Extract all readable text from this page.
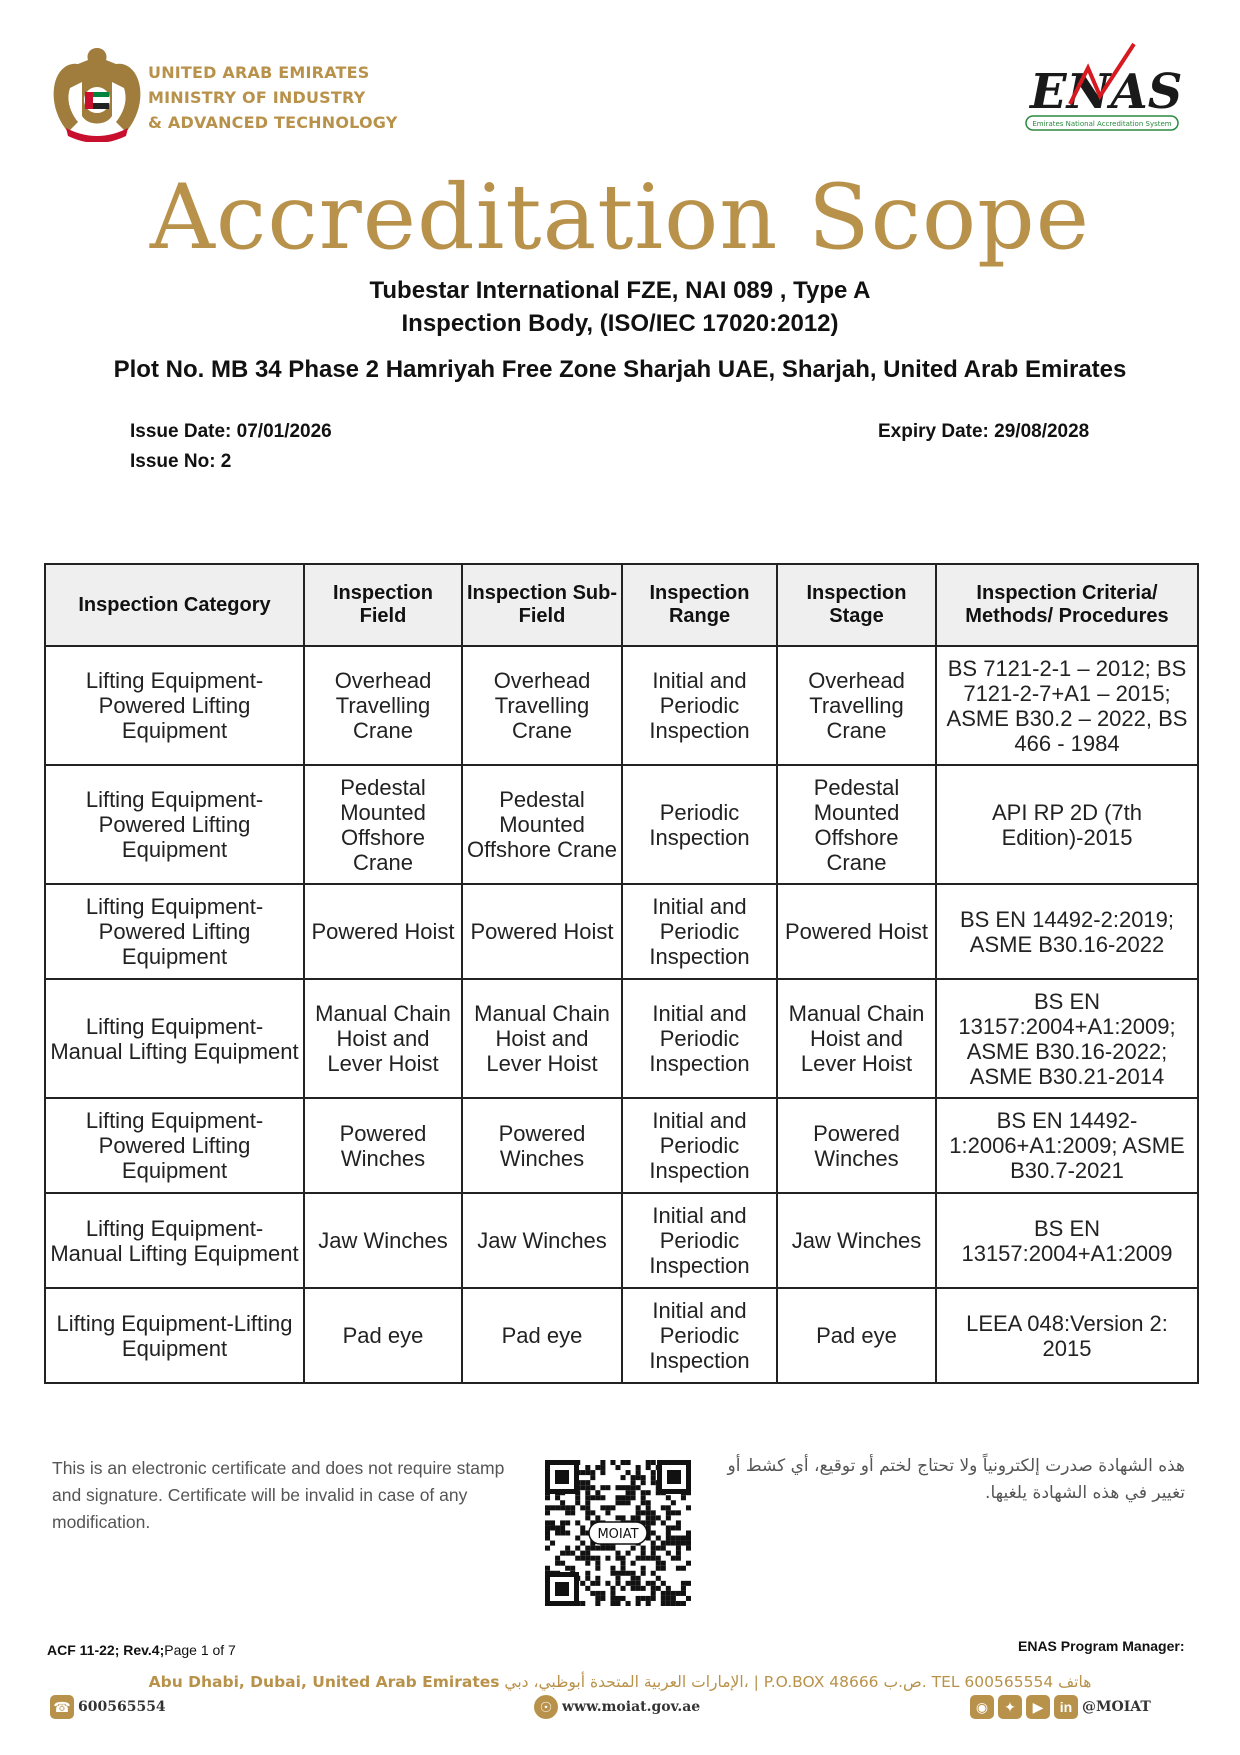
UNITED ARAB EMIRATES
MINISTRY OF INDUSTRY
& ADVANCED TECHNOLOGY
ENAS
Emirates National Accreditation System
Accreditation Scope
Tubestar International FZE, NAI 089 , Type A
Inspection Body, (ISO/IEC 17020:2012)
Plot No. MB 34 Phase 2 Hamriyah Free Zone Sharjah UAE, Sharjah, United Arab Emirates
Issue Date: 07/01/2026
Issue No: 2
Expiry Date: 29/08/2028
Inspection Category	Inspection Field	Inspection Sub-Field	Inspection Range	Inspection Stage	Inspection Criteria/ Methods/ Procedures
Lifting Equipment-Powered Lifting Equipment	Overhead Travelling Crane	Overhead Travelling Crane	Initial and Periodic Inspection	Overhead Travelling Crane	BS 7121-2-1 – 2012; BS 7121-2-7+A1 – 2015; ASME B30.2 – 2022, BS 466 - 1984
Lifting Equipment-Powered Lifting Equipment	Pedestal Mounted Offshore Crane	Pedestal Mounted Offshore Crane	Periodic Inspection	Pedestal Mounted Offshore Crane	API RP 2D (7th Edition)-2015
Lifting Equipment-Powered Lifting Equipment	Powered Hoist	Powered Hoist	Initial and Periodic Inspection	Powered Hoist	BS EN 14492-2:2019; ASME B30.16-2022
Lifting Equipment-Manual Lifting Equipment	Manual Chain Hoist and Lever Hoist	Manual Chain Hoist and Lever Hoist	Initial and Periodic Inspection	Manual Chain Hoist and Lever Hoist	BS EN 13157:2004+A1:2009; ASME B30.16-2022; ASME B30.21-2014
Lifting Equipment-Powered Lifting Equipment	Powered Winches	Powered Winches	Initial and Periodic Inspection	Powered Winches	BS EN 14492-1:2006+A1:2009; ASME B30.7-2021
Lifting Equipment-Manual Lifting Equipment	Jaw Winches	Jaw Winches	Initial and Periodic Inspection	Jaw Winches	BS EN 13157:2004+A1:2009
Lifting Equipment-Lifting Equipment	Pad eye	Pad eye	Initial and Periodic Inspection	Pad eye	LEEA 048:Version 2: 2015
This is an electronic certificate and does not require stamp and signature. Certificate will be invalid in case of any modification.
هذه الشهادة صدرت إلكترونياً ولا تحتاج لختم أو توقيع، أي كشط أو تغيير في هذه الشهادة يلغيها.
MOIAT
ACF 11-22; Rev.4;Page 1 of 7	ENAS Program Manager:
Abu Dhabi, Dubai, United Arab Emirates الإمارات العربية المتحدة أبوظبي، دبي، | P.O.BOX 48666 ص.ب. TEL 600565554 هاتف
☎ 600565554	☉ www.moiat.gov.ae	◉ ✦ ▶ in @MOIAT
